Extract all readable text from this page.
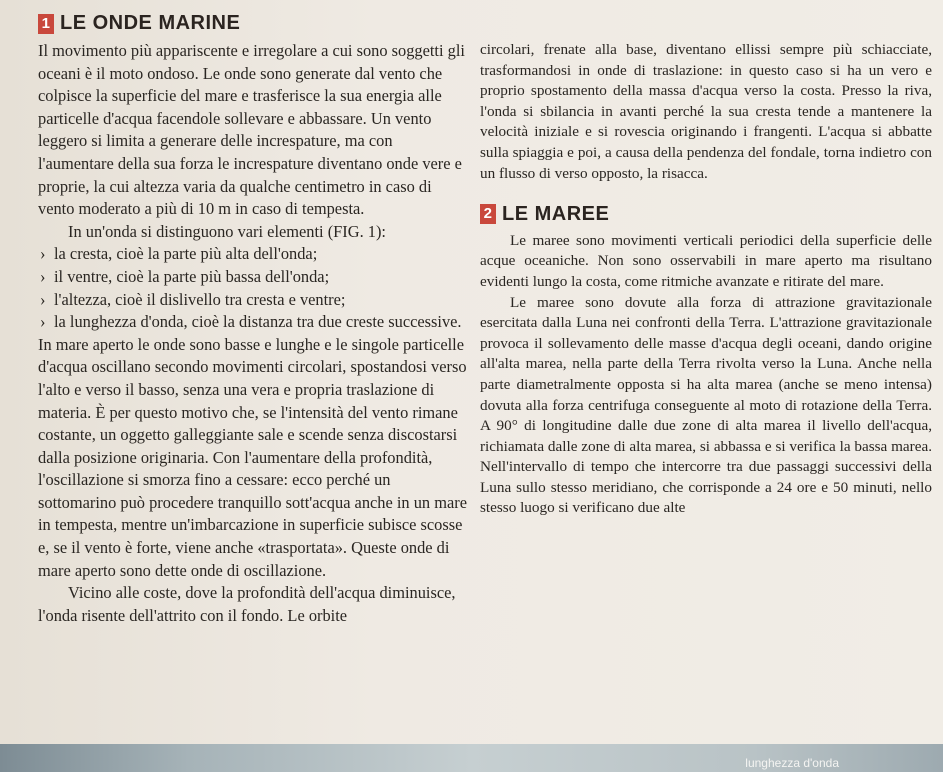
1 LE ONDE MARINE

Il movimento più appariscente e irregolare a cui sono soggetti gli oceani è il moto ondoso. Le onde sono generate dal vento che colpisce la superficie del mare e trasferisce la sua energia alle particelle d'acqua facendole sollevare e abbassare. Un vento leggero si limita a generare delle increspature, ma con l'aumentare della sua forza le increspature diventano onde vere e proprie, la cui altezza varia da qualche centimetro in caso di vento moderato a più di 10 m in caso di tempesta.

In un'onda si distinguono vari elementi (FIG. 1):

› la cresta, cioè la parte più alta dell'onda;
› il ventre, cioè la parte più bassa dell'onda;
› l'altezza, cioè il dislivello tra cresta e ventre;
› la lunghezza d'onda, cioè la distanza tra due creste successive.

In mare aperto le onde sono basse e lunghe e le singole particelle d'acqua oscillano secondo movimenti circolari, spostandosi verso l'alto e verso il basso, senza una vera e propria traslazione di materia. È per questo motivo che, se l'intensità del vento rimane costante, un oggetto galleggiante sale e scende senza discostarsi dalla posizione originaria. Con l'aumentare della profondità, l'oscillazione si smorza fino a cessare: ecco perché un sottomarino può procedere tranquillo sott'acqua anche in un mare in tempesta, mentre un'imbarcazione in superficie subisce scosse e, se il vento è forte, viene anche «trasportata». Queste onde di mare aperto sono dette onde di oscillazione.

Vicino alle coste, dove la profondità dell'acqua diminuisce, l'onda risente dell'attrito con il fondo. Le orbite

circolari, frenate alla base, diventano ellissi sempre più schiacciate, trasformandosi in onde di traslazione: in questo caso si ha un vero e proprio spostamento della massa d'acqua verso la costa. Presso la riva, l'onda si sbilancia in avanti perché la sua cresta tende a mantenere la velocità iniziale e si rovescia originando i frangenti. L'acqua si abbatte sulla spiaggia e poi, a causa della pendenza del fondale, torna indietro con un flusso di verso opposto, la risacca.

2 LE MAREE

Le maree sono movimenti verticali periodici della superficie delle acque oceaniche. Non sono osservabili in mare aperto ma risultano evidenti lungo la costa, come ritmiche avanzate e ritirate del mare.

Le maree sono dovute alla forza di attrazione gravitazionale esercitata dalla Luna nei confronti della Terra. L'attrazione gravitazionale provoca il sollevamento delle masse d'acqua degli oceani, dando origine all'alta marea, nella parte della Terra rivolta verso la Luna. Anche nella parte diametralmente opposta si ha alta marea (anche se meno intensa) dovuta alla forza centrifuga conseguente al moto di rotazione della Terra. A 90° di longitudine dalle due zone di alta marea il livello dell'acqua, richiamata dalle zone di alta marea, si abbassa e si verifica la bassa marea. Nell'intervallo di tempo che intercorre tra due passaggi successivi della Luna sullo stesso meridiano, che corrisponde a 24 ore e 50 minuti, nello stesso luogo si verificano due alte

lunghezza d'onda
